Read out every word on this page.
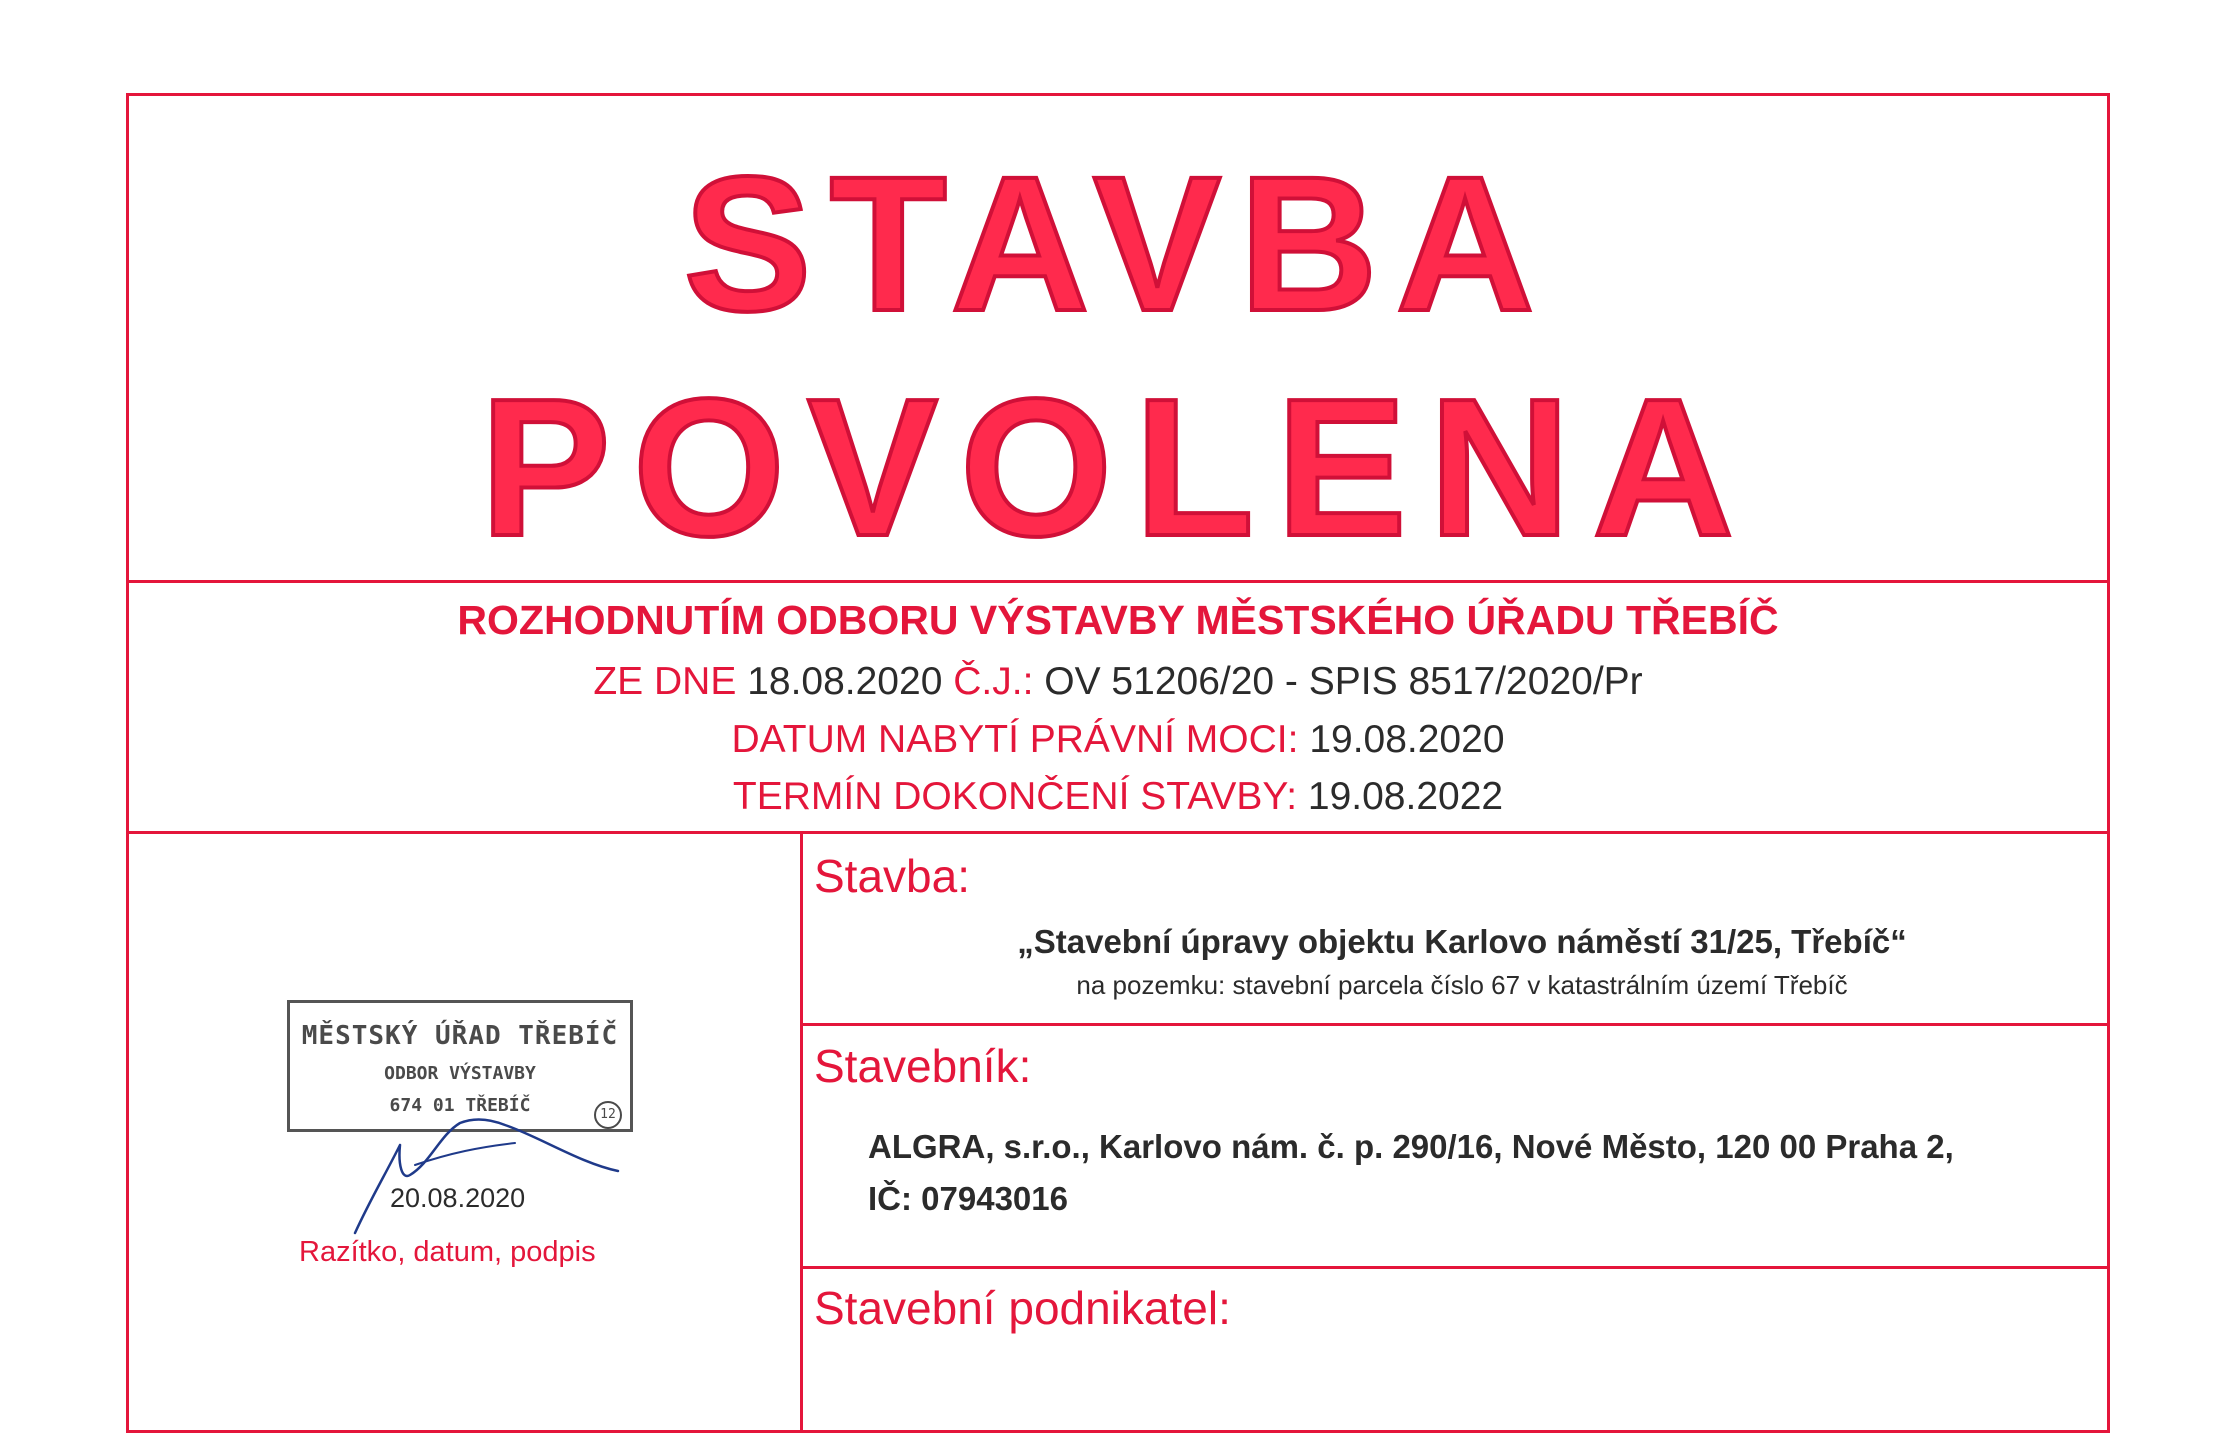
STAVBA
POVOLENA
ROZHODNUTÍM ODBORU VÝSTAVBY MĚSTSKÉHO ÚŘADU TŘEBÍČ
ZE DNE 18.08.2020 Č.J.: OV 51206/20 - SPIS 8517/2020/Pr
DATUM NABYTÍ PRÁVNÍ MOCI: 19.08.2020
TERMÍN DOKONČENÍ STAVBY: 19.08.2022
MĚSTSKÝ ÚŘAD TŘEBÍČ
ODBOR VÝSTAVBY
674 01 TŘEBÍČ	12
20.08.2020
Razítko, datum, podpis
Stavba:
„Stavební úpravy objektu Karlovo náměstí 31/25, Třebíč“
na pozemku: stavební parcela číslo 67 v katastrálním území Třebíč
Stavebník:
ALGRA, s.r.o., Karlovo nám. č. p. 290/16, Nové Město, 120 00 Praha 2,
IČ: 07943016
Stavební podnikatel:
